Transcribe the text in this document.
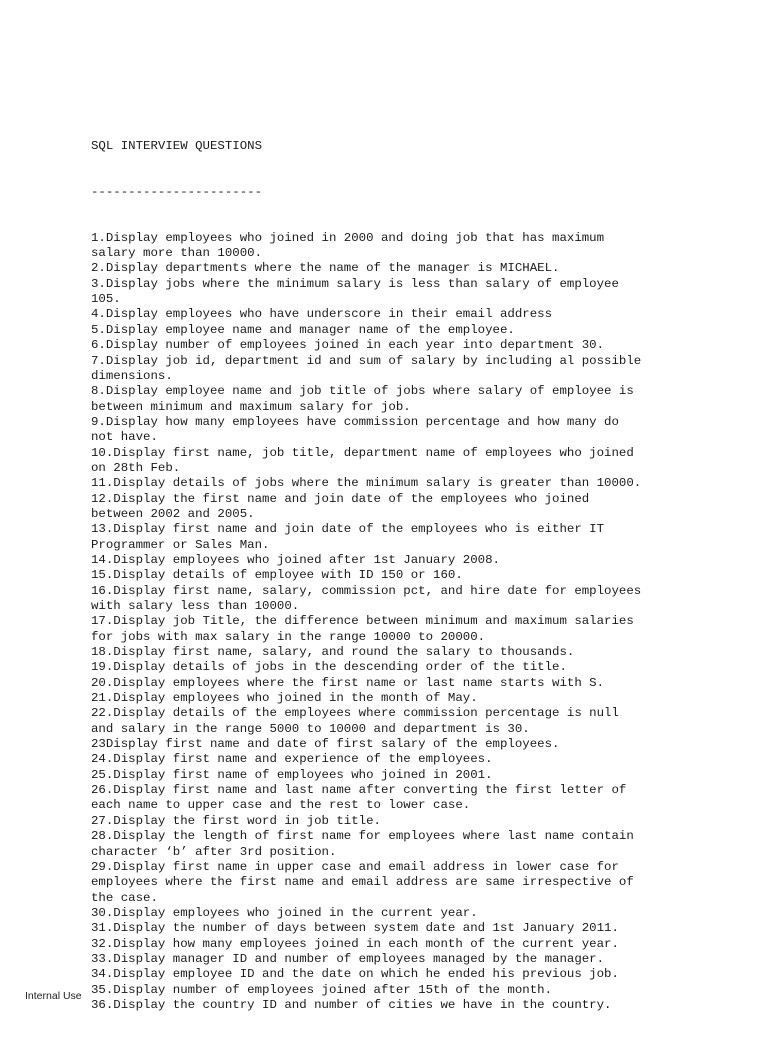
SQL INTERVIEW QUESTIONS

-----------------------

1.Display employees who joined in 2000 and doing job that has maximum
salary more than 10000.
2.Display departments where the name of the manager is MICHAEL.
3.Display jobs where the minimum salary is less than salary of employee
105.
4.Display employees who have underscore in their email address
5.Display employee name and manager name of the employee.
6.Display number of employees joined in each year into department 30.
7.Display job id, department id and sum of salary by including al possible
dimensions.
8.Display employee name and job title of jobs where salary of employee is
between minimum and maximum salary for job.
9.Display how many employees have commission percentage and how many do
not have.
10.Display first name, job title, department name of employees who joined
on 28th Feb.
11.Display details of jobs where the minimum salary is greater than 10000.
12.Display the first name and join date of the employees who joined
between 2002 and 2005.
13.Display first name and join date of the employees who is either IT
Programmer or Sales Man.
14.Display employees who joined after 1st January 2008.
15.Display details of employee with ID 150 or 160.
16.Display first name, salary, commission pct, and hire date for employees
with salary less than 10000.
17.Display job Title, the difference between minimum and maximum salaries
for jobs with max salary in the range 10000 to 20000.
18.Display first name, salary, and round the salary to thousands.
19.Display details of jobs in the descending order of the title.
20.Display employees where the first name or last name starts with S.
21.Display employees who joined in the month of May.
22.Display details of the employees where commission percentage is null
and salary in the range 5000 to 10000 and department is 30.
23Display first name and date of first salary of the employees.
24.Display first name and experience of the employees.
25.Display first name of employees who joined in 2001.
26.Display first name and last name after converting the first letter of
each name to upper case and the rest to lower case.
27.Display the first word in job title.
28.Display the length of first name for employees where last name contain
character ‘b’ after 3rd position.
29.Display first name in upper case and email address in lower case for
employees where the first name and email address are same irrespective of
the case.
30.Display employees who joined in the current year.
31.Display the number of days between system date and 1st January 2011.
32.Display how many employees joined in each month of the current year.
33.Display manager ID and number of employees managed by the manager.
34.Display employee ID and the date on which he ended his previous job.
35.Display number of employees joined after 15th of the month.
36.Display the country ID and number of cities we have in the country.

Internal Use
